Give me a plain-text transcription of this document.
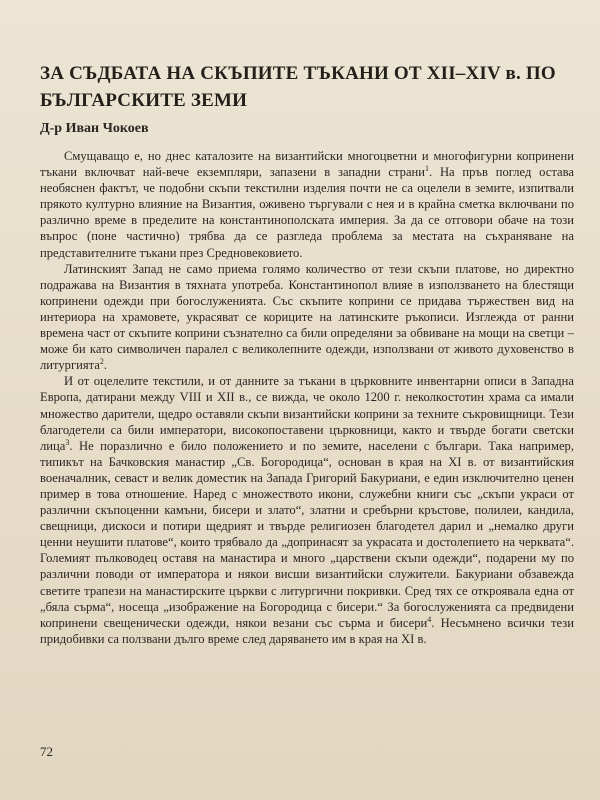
ЗА СЪДБАТА НА СКЪПИТЕ ТЪКАНИ ОТ XII–XIV в. ПО БЪЛГАРСКИТЕ ЗЕМИ

Д-р Иван Чокоев

Смущаващо е, но днес каталозите на византийски многоцветни и многофигурни копринени тъкани включват най-вече екземпляри, запазени в западни страни$^1$. На пръв поглед остава необяснен фактът, че подобни скъпи текстилни изделия почти не са оцелели в земите, изпитвали прякото културно влияние на Византия, оживено търгували с нея и в крайна сметка включвани по различно време в пределите на константинополската империя. За да се отговори обаче на този въпрос (поне частично) трябва да се разгледа проблема за местата на съхраняване на представителните тъкани през Средновековието.

Латинският Запад не само приема голямо количество от тези скъпи платове, но директно подражава на Византия в тяхната употреба. Константинопол влияе в използването на блестящи копринени одежди при богослуженията. Със скъпите коприни се придава тържествен вид на интериора на храмовете, украсяват се кориците на латинските ръкописи. Изглежда от ранни времена част от скъпите коприни съзнателно са били определяни за обвиване на мощи на светци – може би като символичен паралел с великолепните одежди, използвани от живото духовенство в литургията$^2$.

И от оцелелите текстили, и от данните за тъкани в църковните инвентарни описи в Западна Европа, датирани между VIII и XII в., се вижда, че около 1200 г. неколкостотин храма са имали множество дарители, щедро оставяли скъпи византийски коприни за техните съкровищници. Тези благодетели са били императори, високопоставени църковници, както и твърде богати светски лица$^3$. Не поразлично е било положението и по земите, населени с българи. Така например, типикът на Бачковския манастир „Св. Богородица“, основан в края на XI в. от византийския военачалник, севаст и велик доместик на Запада Григорий Бакуриани, е един изключително ценен пример в това отношение. Наред с множеството икони, служебни книги със „скъпи украси от различни скъпоценни камъни, бисери и злато“, златни и сребърни кръстове, полилеи, кандила, свещници, дискоси и потири щедрият и твърде религиозен благодетел дарил и „немалко други ценни неушити платове“, които трябвало да „допринасят за украсата и достолепието на черквата“. Големият пълководец оставя на манастира и много „царствени скъпи одежди“, подарени му по различни поводи от императора и някои висши византийски служители. Бакуриани обзавежда светите трапези на манастирските църкви с литургични покривки. Сред тях се откроявала една от „бяла сърма“, носеща „изображение на Богородица с бисери.“ За богослуженията са предвидени копринени свещенически одежди, някои везани със сърма и бисери$^4$. Несъмнено всички тези придобивки са ползвани дълго време след даряването им в края на XI в.

72
